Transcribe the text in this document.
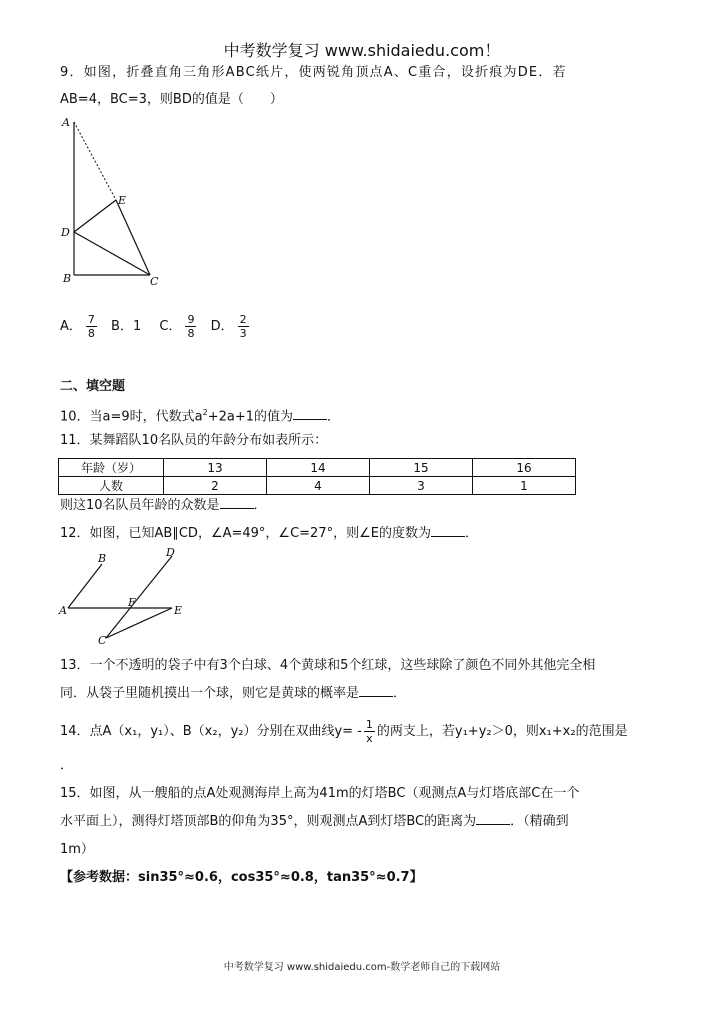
中考数学复习 www.shidaiedu.com！
9．如图，折叠直角三角形ABC纸片，使两锐角顶点A、C重合，设折痕为DE．若
AB=4，BC=3，则BD的值是（　　）
A
E
D
B	C
A． $\frac{7}{8}$ B．1 C． $\frac{9}{8}$ D． $\frac{2}{3}$
二、填空题
10．当a=9时，代数式$a^2+2a+1$的值为	．
11．某舞蹈队10名队员的年龄分布如表所示：
年龄（岁）	13	14	15	16
人数	2	4	3	1
则这10名队员年龄的众数是	．
12．如图，已知AB∥CD，∠A=49°，∠C=27°，则∠E的度数为	．
B	D
A
F
E
C
13．一个不透明的袋子中有3个白球、4个黄球和5个红球，这些球除了颜色不同外其他完全相
同．从袋子里随机摸出一个球，则它是黄球的概率是	．
14．点A（x₁，y₁）、B（x₂，y₂）分别在双曲线$y= - \frac{1}{x}$ 的两支上，若y₁+y₂＞0，则x₁+x₂的范围是
．
15．如图，从一艘船的点A处观测海岸上高为41m的灯塔BC（观测点A与灯塔底部C在一个
水平面上），测得灯塔顶部B的仰角为35°，则观测点A到灯塔BC的距离为	．（精确到
1m）
【参考数据：sin35°≈0.6，cos35°≈0.8，tan35°≈0.7】
中考数学复习 www.shidaiedu.com-数学老师自己的下载网站
